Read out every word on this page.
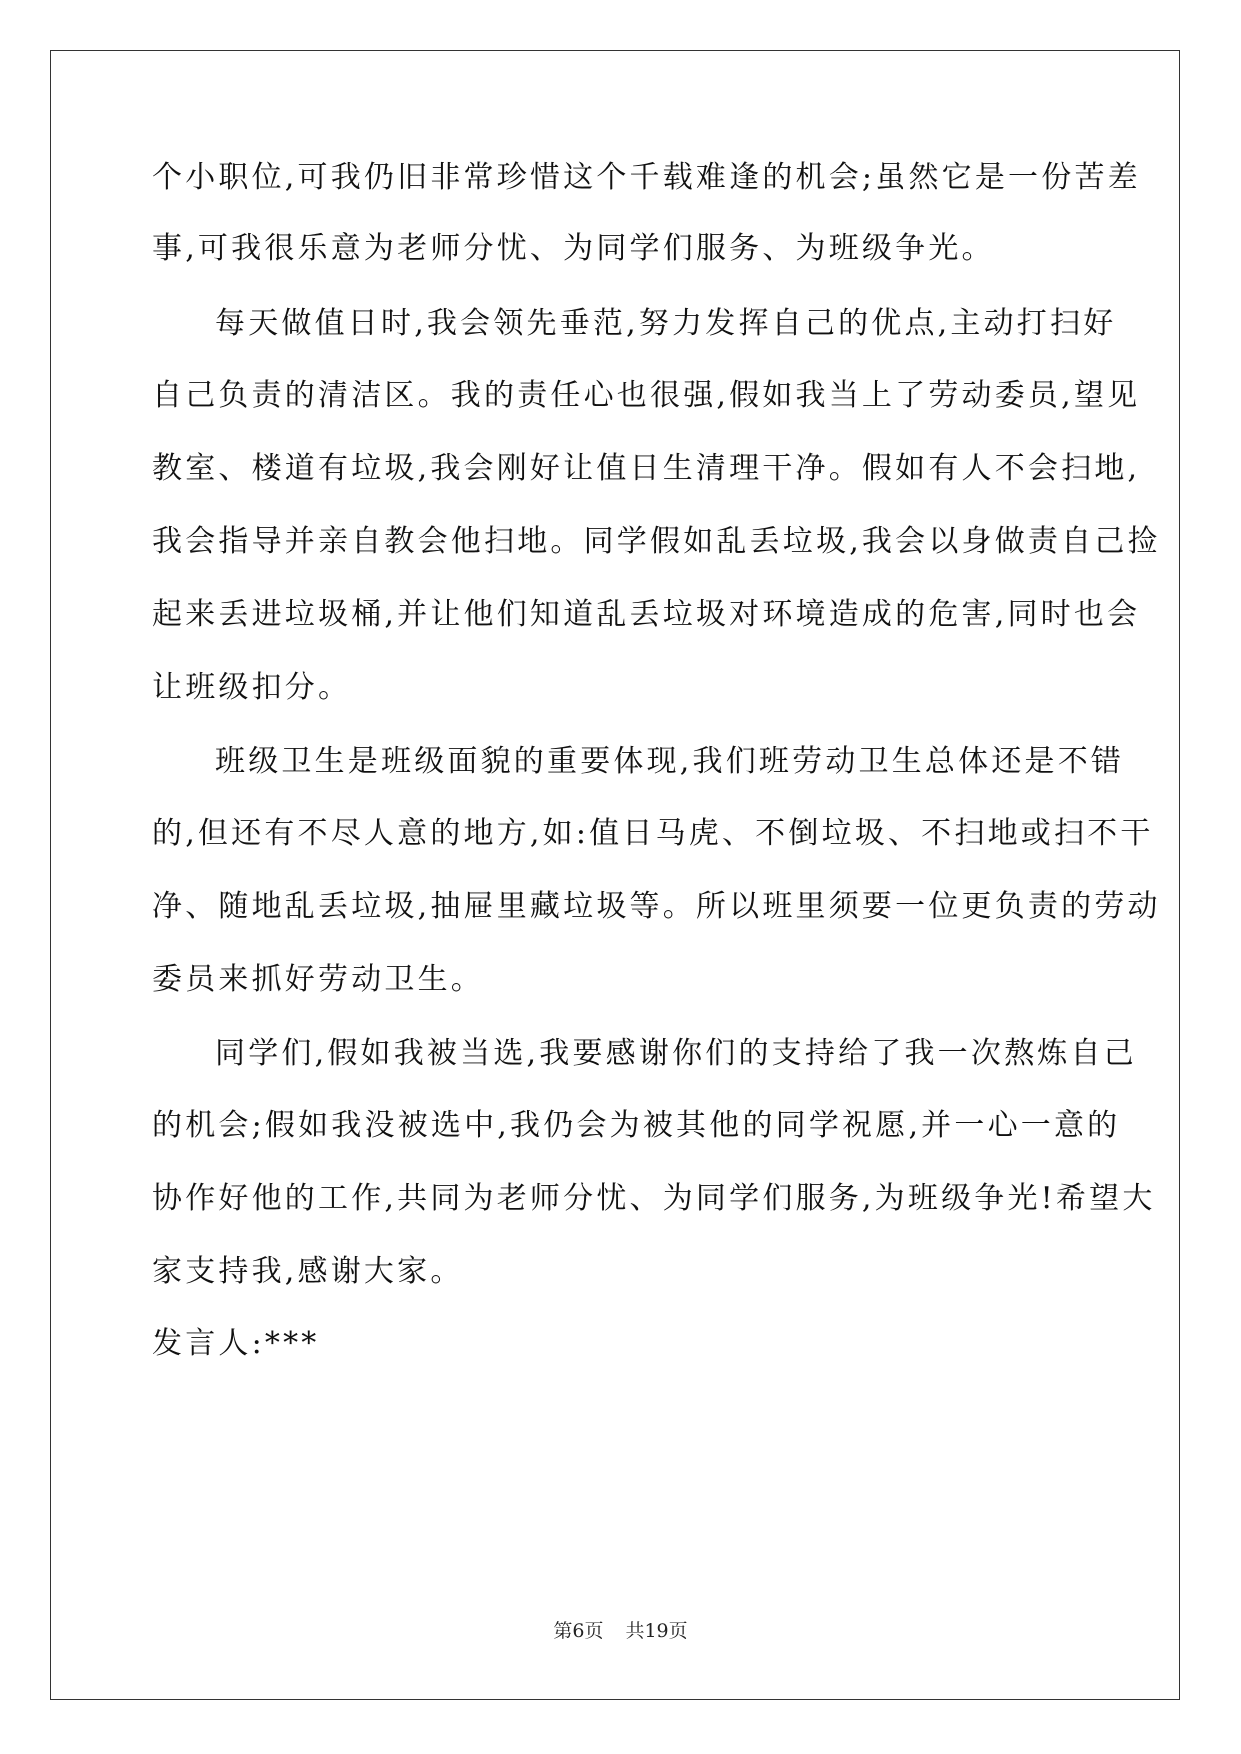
个小职位,可我仍旧非常珍惜这个千载难逢的机会;虽然它是一份苦差
事,可我很乐意为老师分忧、为同学们服务、为班级争光。
每天做值日时,我会领先垂范,努力发挥自己的优点,主动打扫好
自己负责的清洁区。我的责任心也很强,假如我当上了劳动委员,望见
教室、楼道有垃圾,我会刚好让值日生清理干净。假如有人不会扫地,
我会指导并亲自教会他扫地。同学假如乱丢垃圾,我会以身做责自己捡
起来丢进垃圾桶,并让他们知道乱丢垃圾对环境造成的危害,同时也会
让班级扣分。
班级卫生是班级面貌的重要体现,我们班劳动卫生总体还是不错
的,但还有不尽人意的地方,如:值日马虎、不倒垃圾、不扫地或扫不干
净、随地乱丢垃圾,抽屉里藏垃圾等。所以班里须要一位更负责的劳动
委员来抓好劳动卫生。
同学们,假如我被当选,我要感谢你们的支持给了我一次熬炼自己
的机会;假如我没被选中,我仍会为被其他的同学祝愿,并一心一意的
协作好他的工作,共同为老师分忧、为同学们服务,为班级争光!希望大
家支持我,感谢大家。
发言人:***
第6页 共19页
